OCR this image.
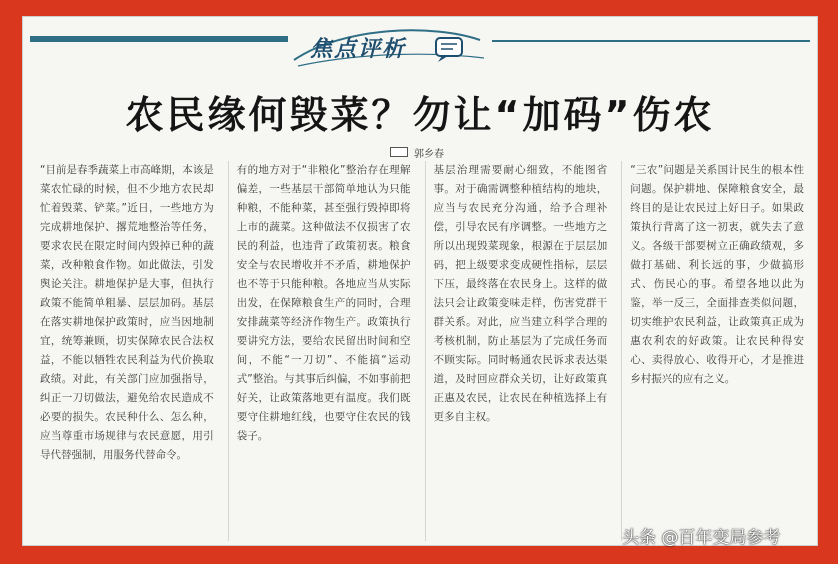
焦点评析
农民缘何毁菜？勿让“加码”伤农
郭乡春
“目前是春季蔬菜上市高峰期，本该是菜农忙碌的时候，但不少地方农民却忙着毁菜、铲菜。”近日，一些地方为完成耕地保护、撂荒地整治等任务，要求农民在限定时间内毁掉已种的蔬菜，改种粮食作物。如此做法，引发舆论关注。耕地保护是大事，但执行政策不能简单粗暴、层层加码。基层在落实耕地保护政策时，应当因地制宜，统筹兼顾，切实保障农民合法权益，不能以牺牲农民利益为代价换取政绩。对此，有关部门应加强指导，纠正一刀切做法，避免给农民造成不必要的损失。农民种什么、怎么种，应当尊重市场规律与农民意愿，用引导代替强制，用服务代替命令。
有的地方对于“非粮化”整治存在理解偏差，一些基层干部简单地认为只能种粮，不能种菜，甚至强行毁掉即将上市的蔬菜。这种做法不仅损害了农民的利益，也违背了政策初衷。粮食安全与农民增收并不矛盾，耕地保护也不等于只能种粮。各地应当从实际出发，在保障粮食生产的同时，合理安排蔬菜等经济作物生产。政策执行要讲究方法，要给农民留出时间和空间，不能“一刀切”、不能搞“运动式”整治。与其事后纠偏，不如事前把好关，让政策落地更有温度。我们既要守住耕地红线，也要守住农民的钱袋子。
基层治理需要耐心细致，不能图省事。对于确需调整种植结构的地块，应当与农民充分沟通，给予合理补偿，引导农民有序调整。一些地方之所以出现毁菜现象，根源在于层层加码，把上级要求变成硬性指标，层层下压，最终落在农民身上。这样的做法只会让政策变味走样，伤害党群干群关系。对此，应当建立科学合理的考核机制，防止基层为了完成任务而不顾实际。同时畅通农民诉求表达渠道，及时回应群众关切，让好政策真正惠及农民，让农民在种植选择上有更多自主权。
“三农”问题是关系国计民生的根本性问题。保护耕地、保障粮食安全，最终目的是让农民过上好日子。如果政策执行背离了这一初衷，就失去了意义。各级干部要树立正确政绩观，多做打基础、利长远的事，少做搞形式、伤民心的事。希望各地以此为鉴，举一反三，全面排查类似问题，切实维护农民利益，让政策真正成为惠农利农的好政策。让农民种得安心、卖得放心、收得开心，才是推进乡村振兴的应有之义。
头条 @百年变局参考
